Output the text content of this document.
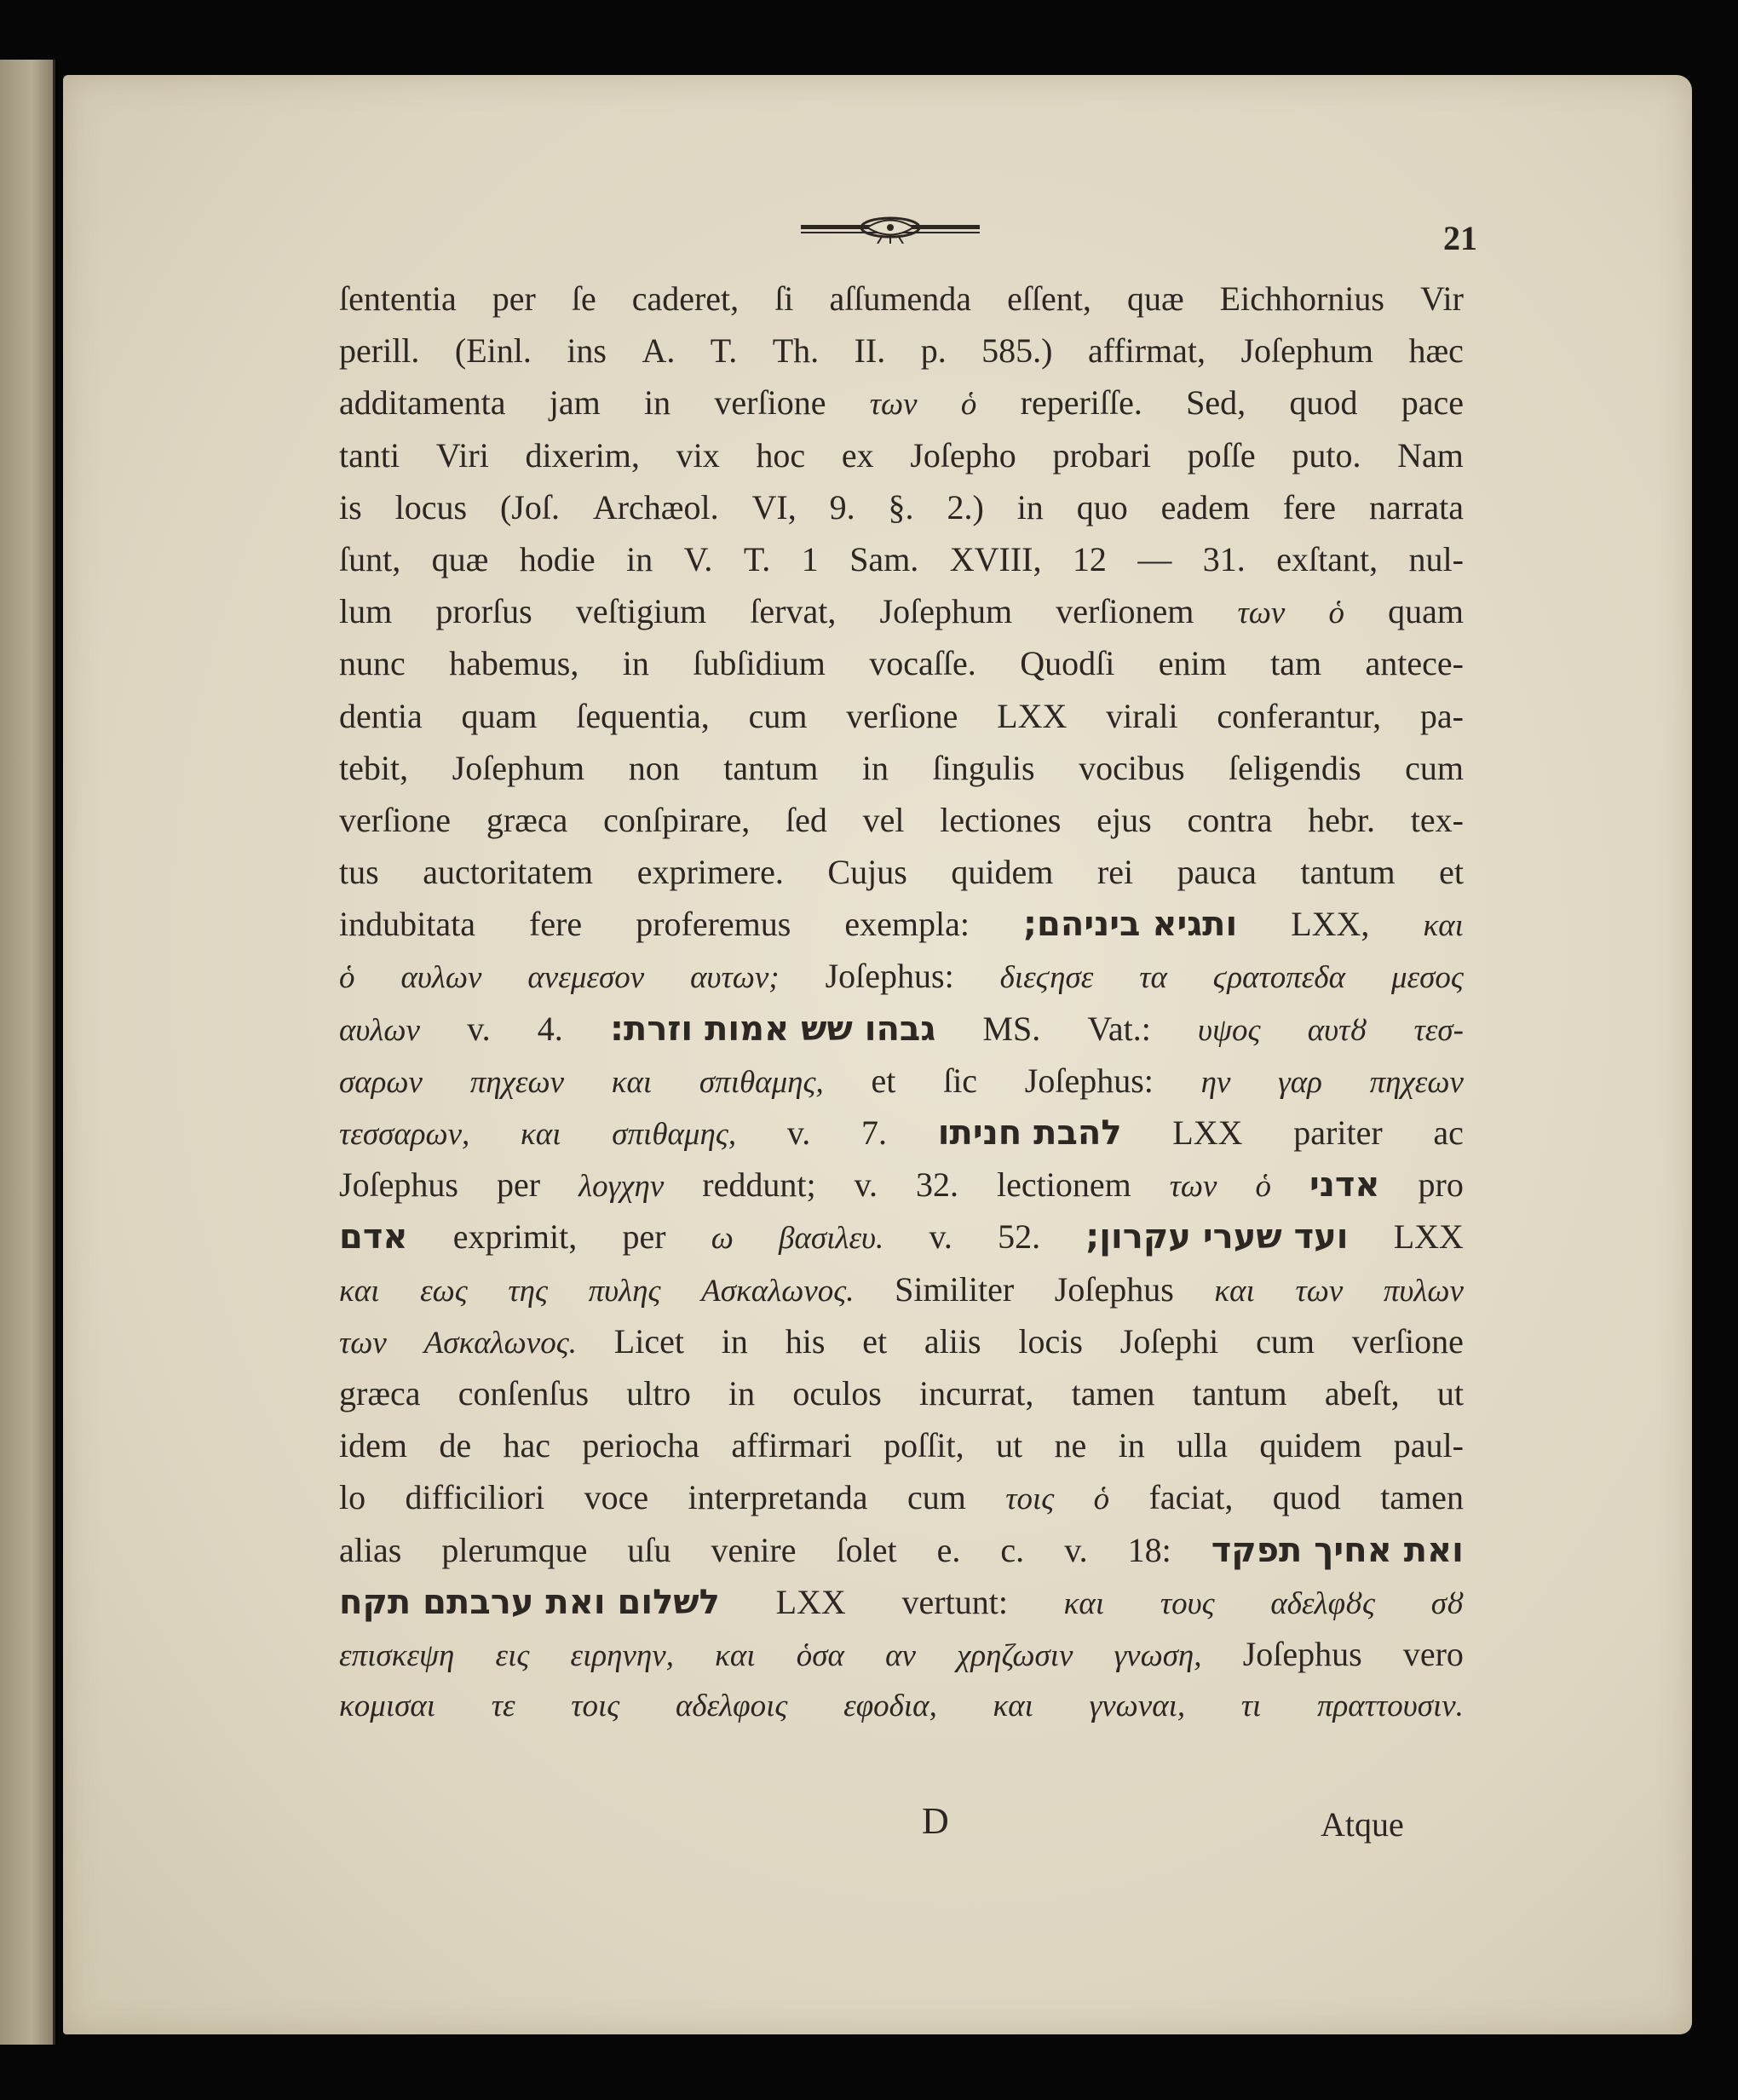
21
ſententia per ſe caderet, ſi aſſumenda eſſent, quæ Eichhornius Vir
perill. (Einl. ins A. T. Th. II. p. 585.) affirmat, Joſephum hæc
additamenta jam in verſione των ὁ reperiſſe. Sed, quod pace
tanti Viri dixerim, vix hoc ex Joſepho probari poſſe puto. Nam
is locus (Joſ. Archæol. VI, 9. §. 2.) in quo eadem fere narrata
ſunt, quæ hodie in V. T. 1 Sam. XVIII, 12 — 31. exſtant, nul-
lum prorſus veſtigium ſervat, Joſephum verſionem των ὁ quam
nunc habemus, in ſubſidium vocaſſe. Quodſi enim tam antece-
dentia quam ſequentia, cum verſione LXX virali conferantur, pa-
tebit, Joſephum non tantum in ſingulis vocibus ſeligendis cum
verſione græca conſpirare, ſed vel lectiones ejus contra hebr. tex-
tus auctoritatem exprimere. Cujus quidem rei pauca tantum et
indubitata fere proferemus exempla: ותגיא ביניהם; LXX, και
ὁ αυλων ανεμεσον αυτων; Joſephus: διεϛησε τα ϛρατοπεδα μεσος
αυλων v. 4. גבהו שש אמות וזרת: MS. Vat.: υψος αυτȣ τεσ-
σαρων πηχεων και σπιθαμης, et ſic Joſephus: ην γαρ πηχεων
τεσσαρων, και σπιθαμης, v. 7. להבת חניתו LXX pariter ac
Joſephus per λογχην reddunt; v. 32. lectionem των ὁ אדני pro
אדם exprimit, per ω βασιλευ. v. 52. ועד שערי עקרון; LXX
και εως της πυλης Ασκαλωνος. Similiter Joſephus και των πυλων
των Ασκαλωνος. Licet in his et aliis locis Joſephi cum verſione
græca conſenſus ultro in oculos incurrat, tamen tantum abeſt, ut
idem de hac periocha affirmari poſſit, ut ne in ulla quidem paul-
lo difficiliori voce interpretanda cum τοις ὁ faciat, quod tamen
alias plerumque uſu venire ſolet e. c. v. 18: ואת אחיך תפקד
לשלום ואת ערבתם תקח LXX vertunt: και τους αδελφȣς σȣ
επισκεψη εις ειρηνην, και ὁσα αν χρηζωσιν γνωση, Joſephus vero
κομισαι τε τοις αδελφοις εφοδια, και γνωναι, τι πραττουσιν.
D	Atque
